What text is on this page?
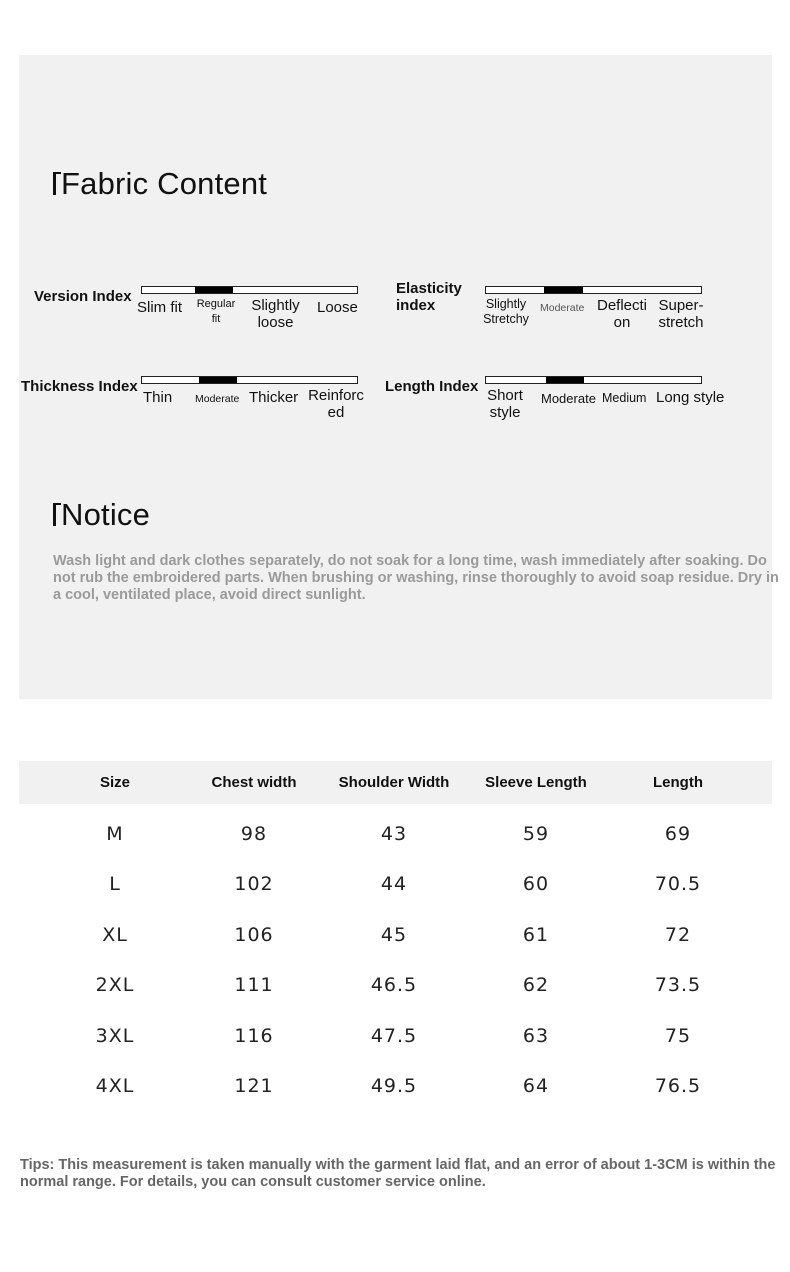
Fabric Content
Version Index
Slim fit	Regular fit
Slightly loose
Loose
Elasticity index	Slightly Stretchy
Moderate Deflection
Super-stretch
Thickness Index
Thin Moderate Thicker Reinforced
Length Index
Short style
Moderate Medium Long style
Notice
Wash light and dark clothes separately, do not soak for a long time, wash immediately after soaking. Do not rub the embroidered parts. When brushing or washing, rinse thoroughly to avoid soap residue. Dry in a cool, ventilated place, avoid direct sunlight.
Size	Chest width	Shoulder Width	Sleeve Length	Length
M	98	43	59	69
L	102	44	60	70.5
XL	106	45	61	72
2XL	111	46.5	62	73.5
3XL	116	47.5	63	75
4XL	121	49.5	64	76.5
Tips: This measurement is taken manually with the garment laid flat, and an error of about 1-3CM is within the normal range. For details, you can consult customer service online.
